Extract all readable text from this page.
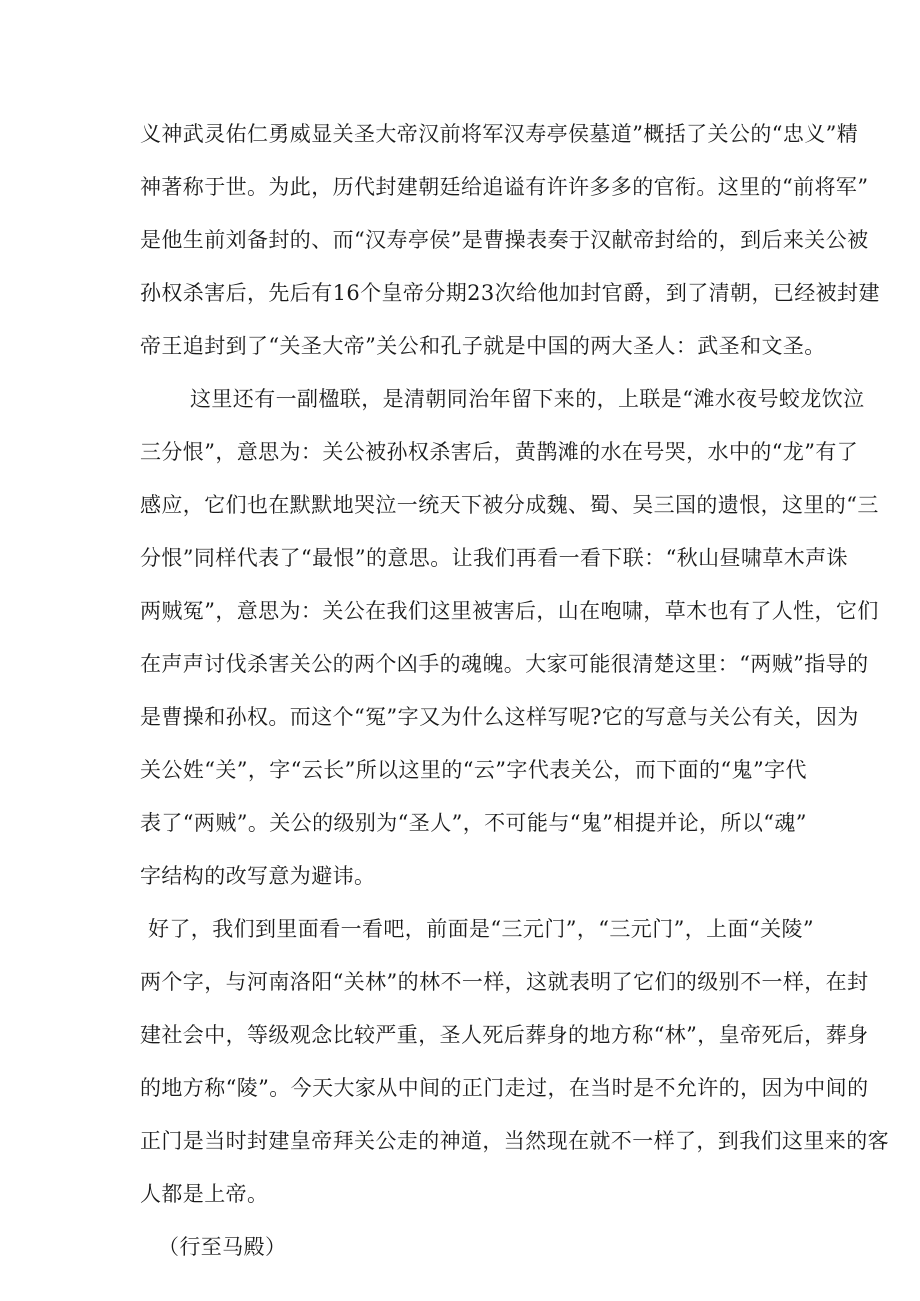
义神武灵佑仁勇威显关圣大帝汉前将军汉寿亭侯墓道”概括了关公的“忠义”精
神著称于世。为此，历代封建朝廷给追谥有许许多多的官衔。这里的“前将军”
是他生前刘备封的、而“汉寿亭侯”是曹操表奏于汉献帝封给的，到后来关公被
孙权杀害后，先后有16个皇帝分期23次给他加封官爵，到了清朝，已经被封建
帝王追封到了“关圣大帝”关公和孔子就是中国的两大圣人：武圣和文圣。
这里还有一副楹联，是清朝同治年留下来的，上联是“滩水夜号蛟龙饮泣
三分恨”，意思为：关公被孙权杀害后，黄鹊滩的水在号哭，水中的“龙”有了
感应，它们也在默默地哭泣一统天下被分成魏、蜀、吴三国的遗恨，这里的“三
分恨”同样代表了“最恨”的意思。让我们再看一看下联：“秋山昼啸草木声诛
两贼冤”，意思为：关公在我们这里被害后，山在咆啸，草木也有了人性，它们
在声声讨伐杀害关公的两个凶手的魂魄。大家可能很清楚这里：“两贼”指导的
是曹操和孙权。而这个“冤”字又为什么这样写呢?它的写意与关公有关，因为
关公姓“关”，字“云长”所以这里的“云”字代表关公，而下面的“鬼”字代
表了“两贼”。关公的级别为“圣人”，不可能与“鬼”相提并论，所以“魂”
字结构的改写意为避讳。
好了，我们到里面看一看吧，前面是“三元门”，“三元门”，上面“关陵”
两个字，与河南洛阳“关林”的林不一样，这就表明了它们的级别不一样，在封
建社会中，等级观念比较严重，圣人死后葬身的地方称“林”，皇帝死后，葬身
的地方称“陵”。今天大家从中间的正门走过，在当时是不允许的，因为中间的
正门是当时封建皇帝拜关公走的神道，当然现在就不一样了，到我们这里来的客
人都是上帝。
（行至马殿）
